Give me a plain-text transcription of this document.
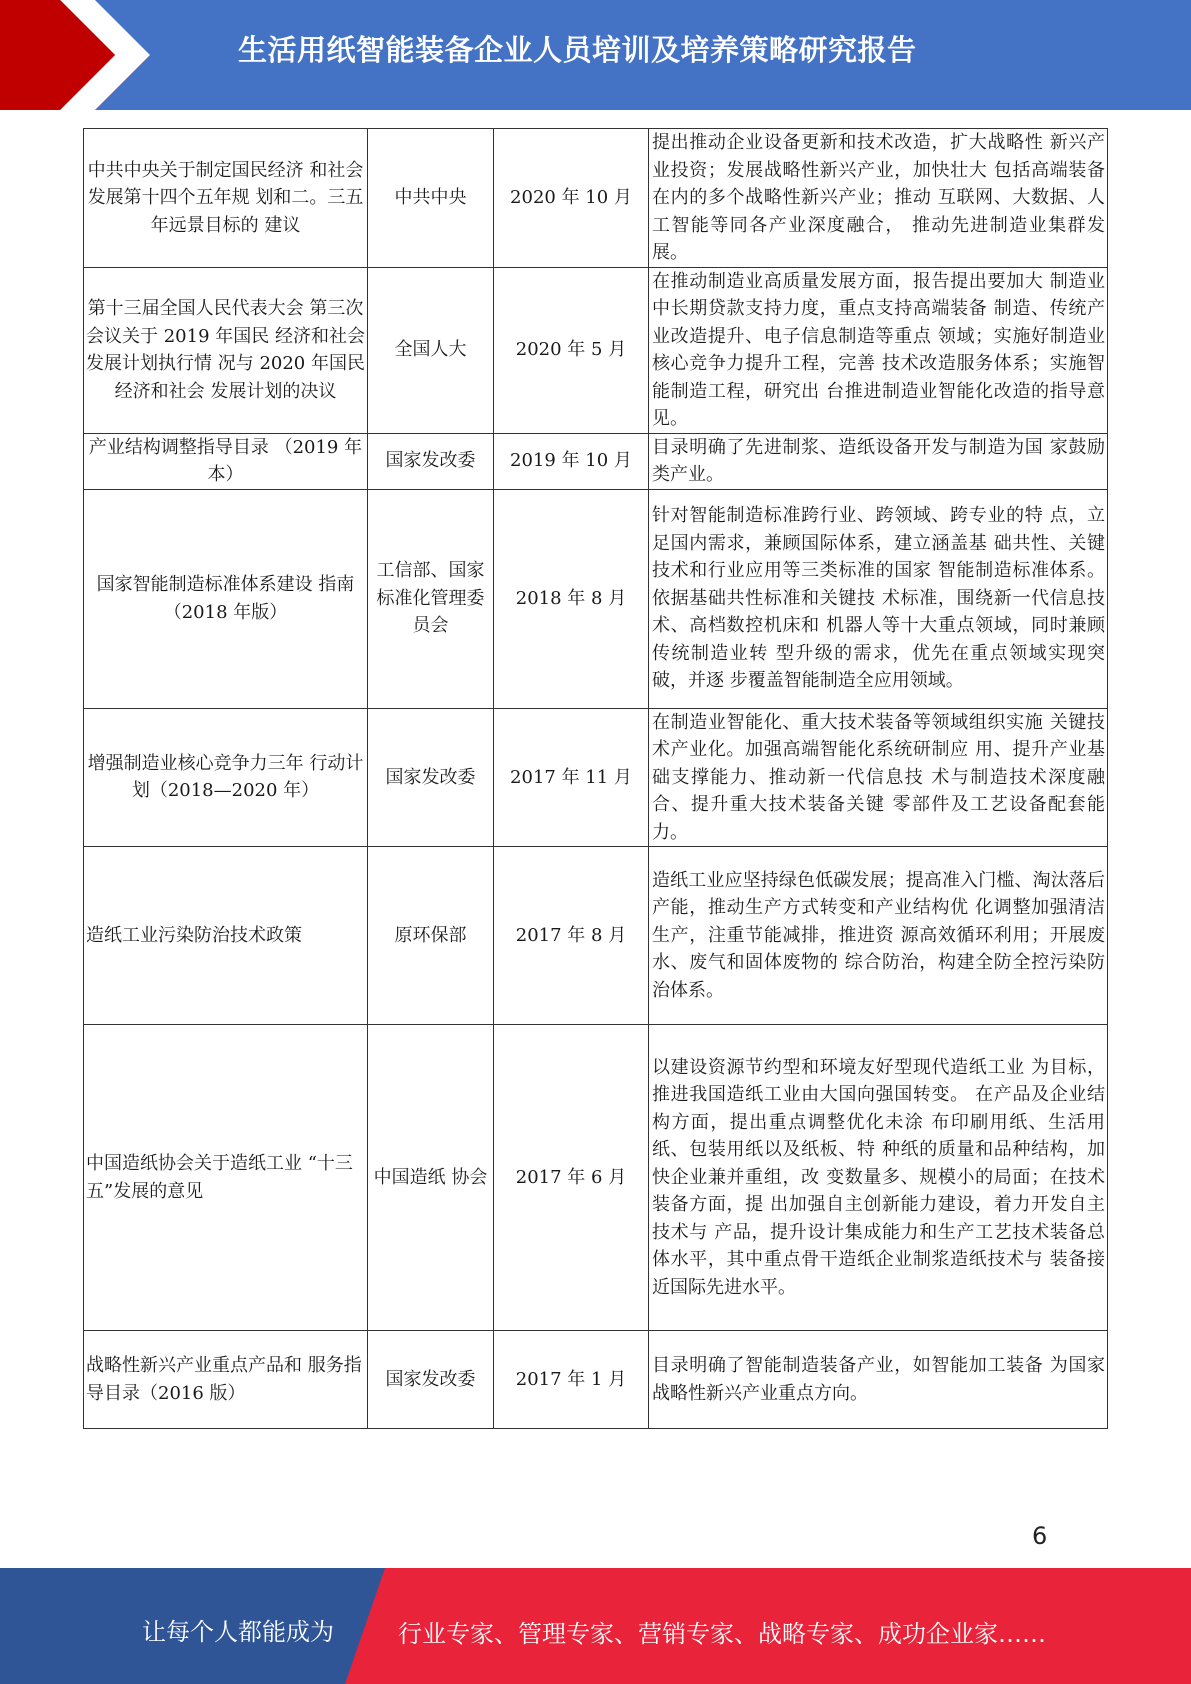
生活用纸智能装备企业人员培训及培养策略研究报告
中共中央关于制定国民经济 和社会发展第十四个五年规 划和二。三五年远景目标的 建议	中共中央	2020 年 10 月	提出推动企业设备更新和技术改造，扩大战略性 新兴产业投资；发展战略性新兴产业，加快壮大 包括高端装备在内的多个战略性新兴产业；推动 互联网、大数据、人工智能等同各产业深度融合， 推动先进制造业集群发展。
第十三届全国人民代表大会 第三次会议关于 2019 年国民 经济和社会发展计划执行情 况与 2020 年国民经济和社会 发展计划的决议	全国人大	2020 年 5 月	在推动制造业高质量发展方面，报告提出要加大 制造业中长期贷款支持力度，重点支持高端装备 制造、传统产业改造提升、电子信息制造等重点 领域；实施好制造业核心竞争力提升工程，完善 技术改造服务体系；实施智能制造工程，研究出 台推进制造业智能化改造的指导意见。
产业结构调整指导目录 （2019 年本）	国家发改委	2019 年 10 月	目录明确了先进制浆、造纸设备开发与制造为国 家鼓励类产业。
国家智能制造标准体系建设 指南（2018 年版）	工信部、国家标准化管理委员会	2018 年 8 月	针对智能制造标准跨行业、跨领域、跨专业的特 点，立足国内需求，兼顾国际体系，建立涵盖基 础共性、关键技术和行业应用等三类标准的国家 智能制造标准体系。依据基础共性标准和关键技 术标准，围绕新一代信息技术、高档数控机床和 机器人等十大重点领域，同时兼顾传统制造业转 型升级的需求，优先在重点领域实现突破，并逐 步覆盖智能制造全应用领域。
增强制造业核心竞争力三年 行动计划（2018—2020 年）	国家发改委	2017 年 11 月	在制造业智能化、重大技术装备等领域组织实施 关键技术产业化。加强高端智能化系统研制应 用、提升产业基础支撑能力、推动新一代信息技 术与制造技术深度融合、提升重大技术装备关键 零部件及工艺设备配套能力。
造纸工业污染防治技术政策	原环保部	2017 年 8 月	造纸工业应坚持绿色低碳发展；提高准入门槛、淘汰落后产能，推动生产方式转变和产业结构优 化调整加强清洁生产，注重节能减排，推进资 源高效循环利用；开展废水、废气和固体废物的 综合防治，构建全防全控污染防治体系。
中国造纸协会关于造纸工业 “十三五”发展的意见	中国造纸 协会	2017 年 6 月	以建设资源节约型和环境友好型现代造纸工业 为目标，推进我国造纸工业由大国向强国转变。 在产品及企业结构方面，提出重点调整优化未涂 布印刷用纸、生活用纸、包装用纸以及纸板、特 种纸的质量和品种结构，加快企业兼并重组，改 变数量多、规模小的局面；在技术装备方面，提 出加强自主创新能力建设，着力开发自主技术与 产品，提升设计集成能力和生产工艺技术装备总 体水平，其中重点骨干造纸企业制浆造纸技术与 装备接近国际先进水平。
战略性新兴产业重点产品和 服务指导目录（2016 版）	国家发改委	2017 年 1 月	目录明确了智能制造装备产业，如智能加工装备 为国家战略性新兴产业重点方向。
6
让每个人都能成为	行业专家、管理专家、营销专家、战略专家、成功企业家……
